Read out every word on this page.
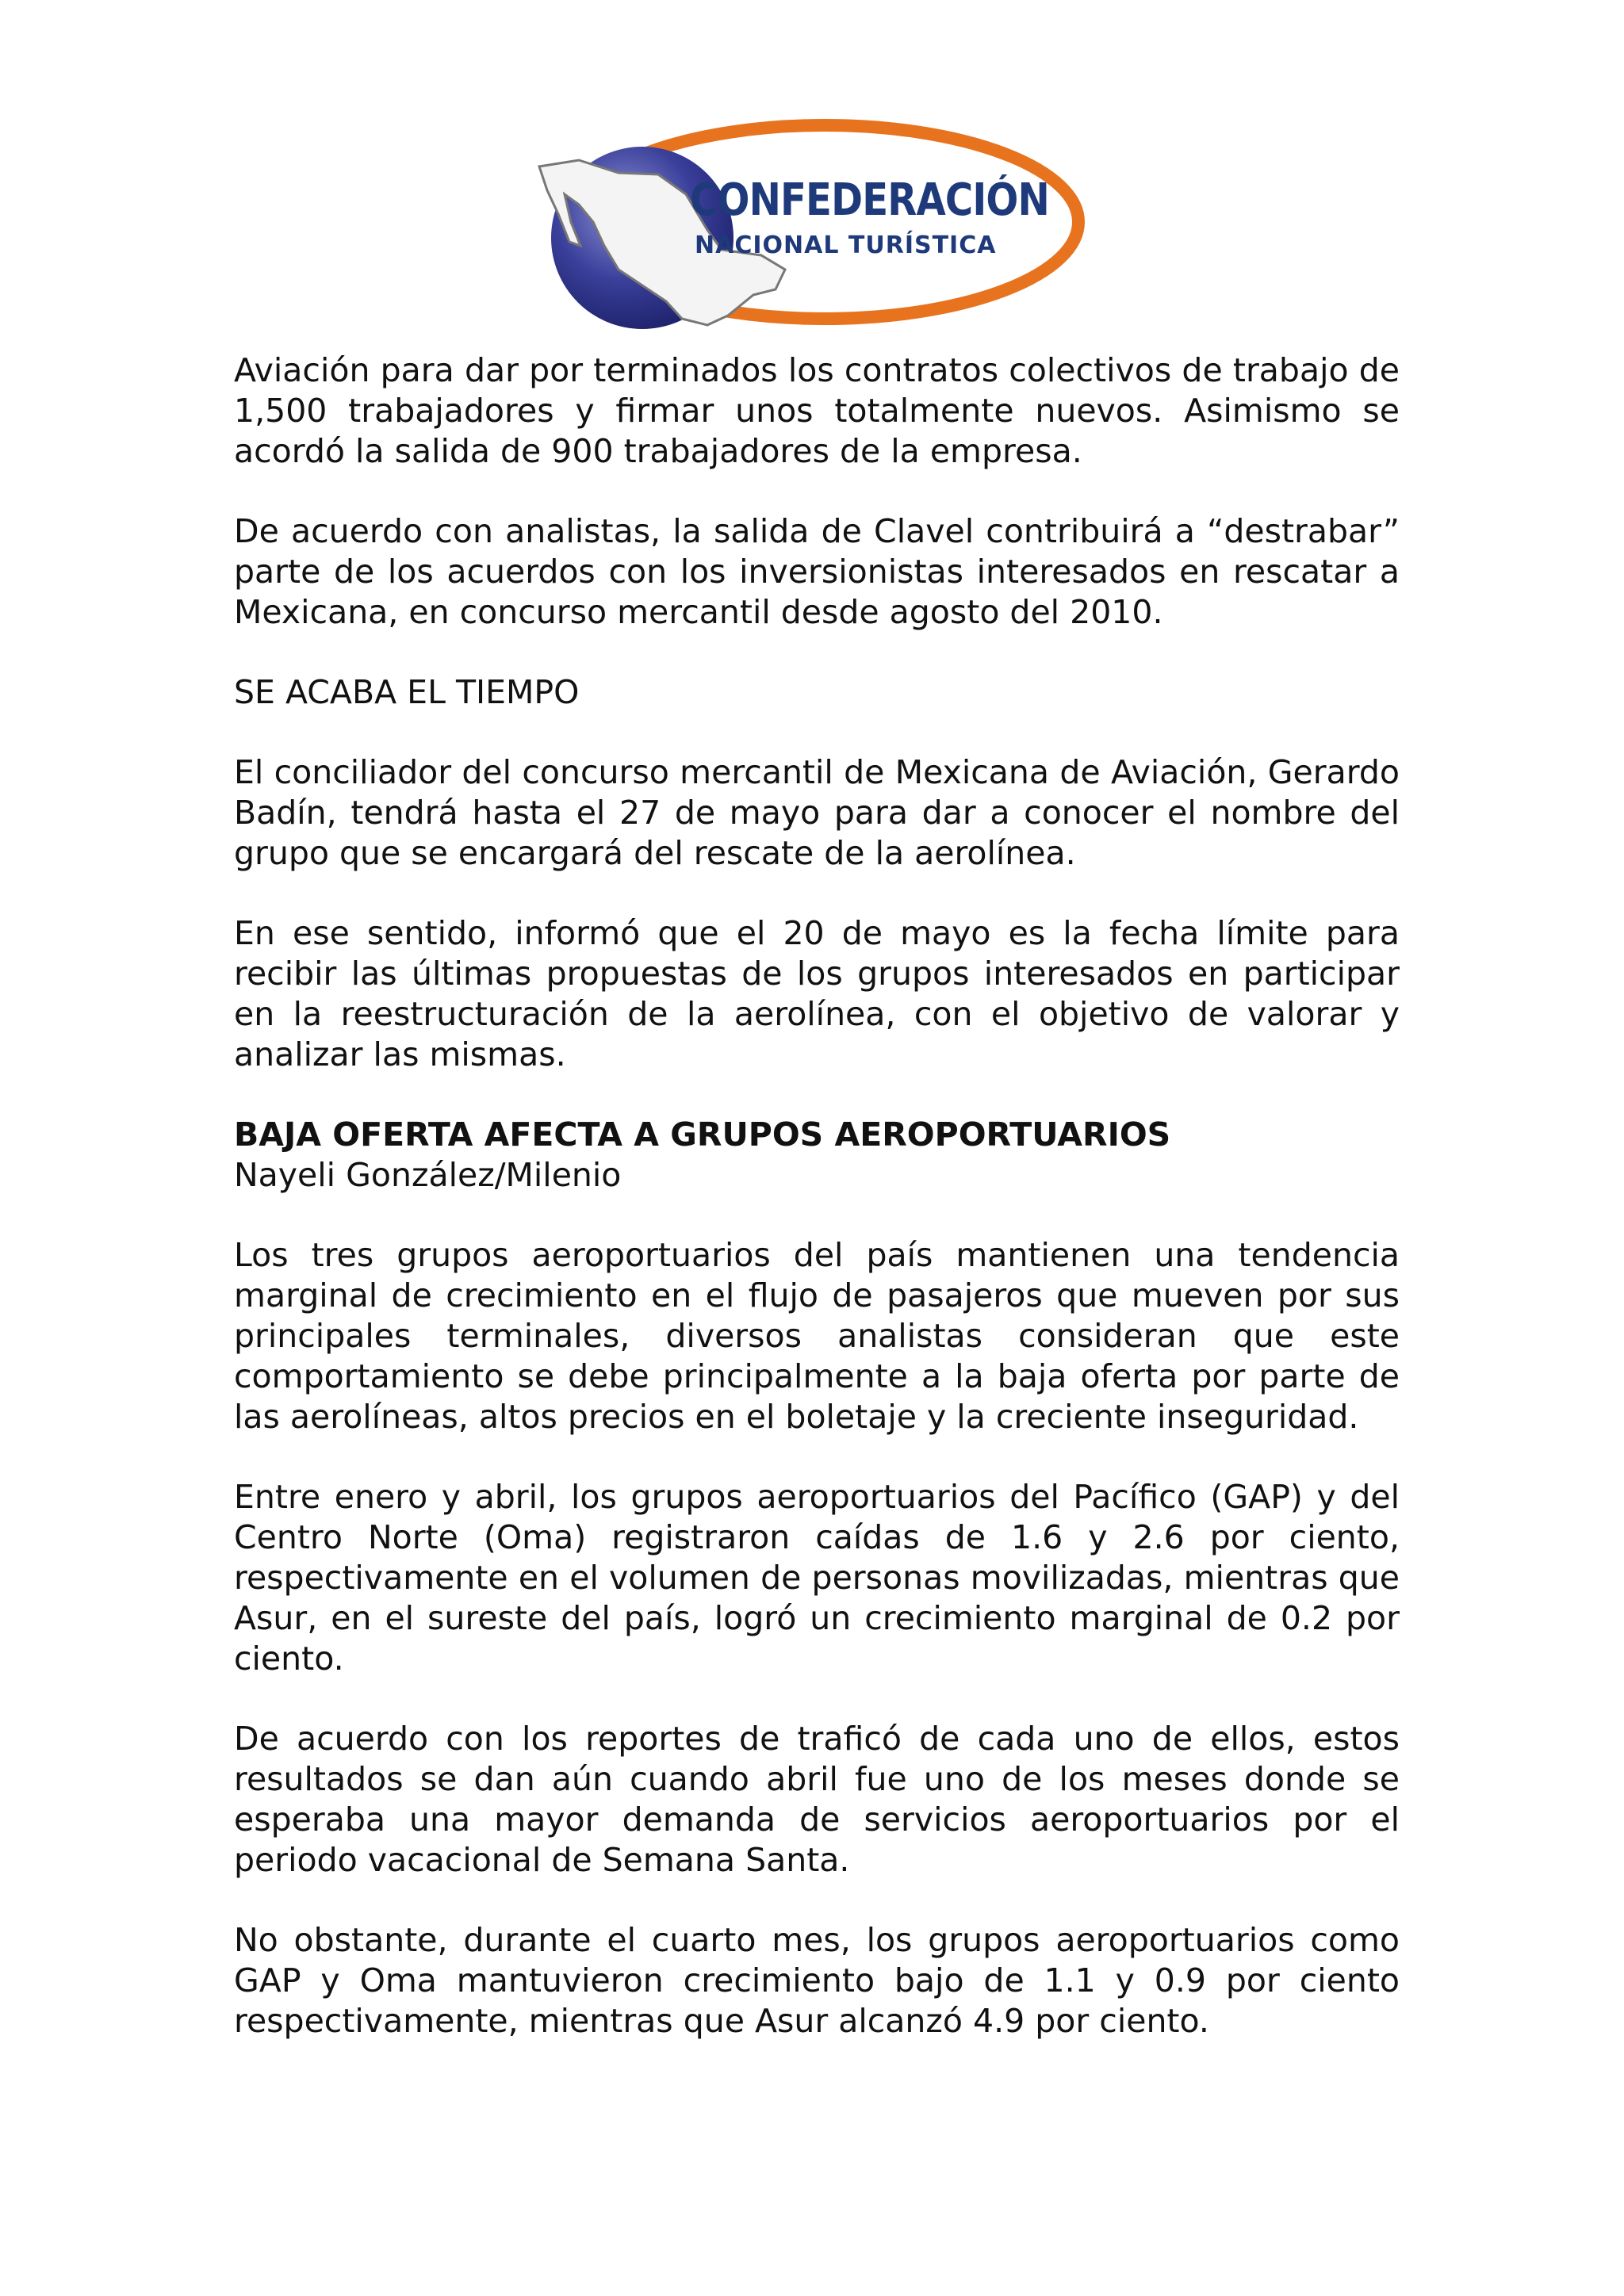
CONFEDERACIÓN
NACIONAL TURÍSTICA

Aviación para dar por terminados los contratos colectivos de trabajo de 1,500 trabajadores y firmar unos totalmente nuevos. Asimismo se acordó la salida de 900 trabajadores de la empresa.

De acuerdo con analistas, la salida de Clavel contribuirá a “destrabar” parte de los acuerdos con los inversionistas interesados en rescatar a Mexicana, en concurso mercantil desde agosto del 2010.

SE ACABA EL TIEMPO

El conciliador del concurso mercantil de Mexicana de Aviación, Gerardo Badín, tendrá hasta el 27 de mayo para dar a conocer el nombre del grupo que se encargará del rescate de la aerolínea.

En ese sentido, informó que el 20 de mayo es la fecha límite para recibir las últimas propuestas de los grupos interesados en participar en la reestructuración de la aerolínea, con el objetivo de valorar y analizar las mismas.

BAJA OFERTA AFECTA A GRUPOS AEROPORTUARIOS

Nayeli González/Milenio

Los tres grupos aeroportuarios del país mantienen una tendencia marginal de crecimiento en el flujo de pasajeros que mueven por sus principales terminales, diversos analistas consideran que este comportamiento se debe principalmente a la baja oferta por parte de las aerolíneas, altos precios en el boletaje y la creciente inseguridad.

Entre enero y abril, los grupos aeroportuarios del Pacífico (GAP) y del Centro Norte (Oma) registraron caídas de 1.6 y 2.6 por ciento, respectivamente en el volumen de personas movilizadas, mientras que Asur, en el sureste del país, logró un crecimiento marginal de 0.2 por ciento.

De acuerdo con los reportes de traficó de cada uno de ellos, estos resultados se dan aún cuando abril fue uno de los meses donde se esperaba una mayor demanda de servicios aeroportuarios por el periodo vacacional de Semana Santa.

No obstante, durante el cuarto mes, los grupos aeroportuarios como GAP y Oma mantuvieron crecimiento bajo de 1.1 y 0.9 por ciento respectivamente, mientras que Asur alcanzó 4.9 por ciento.
